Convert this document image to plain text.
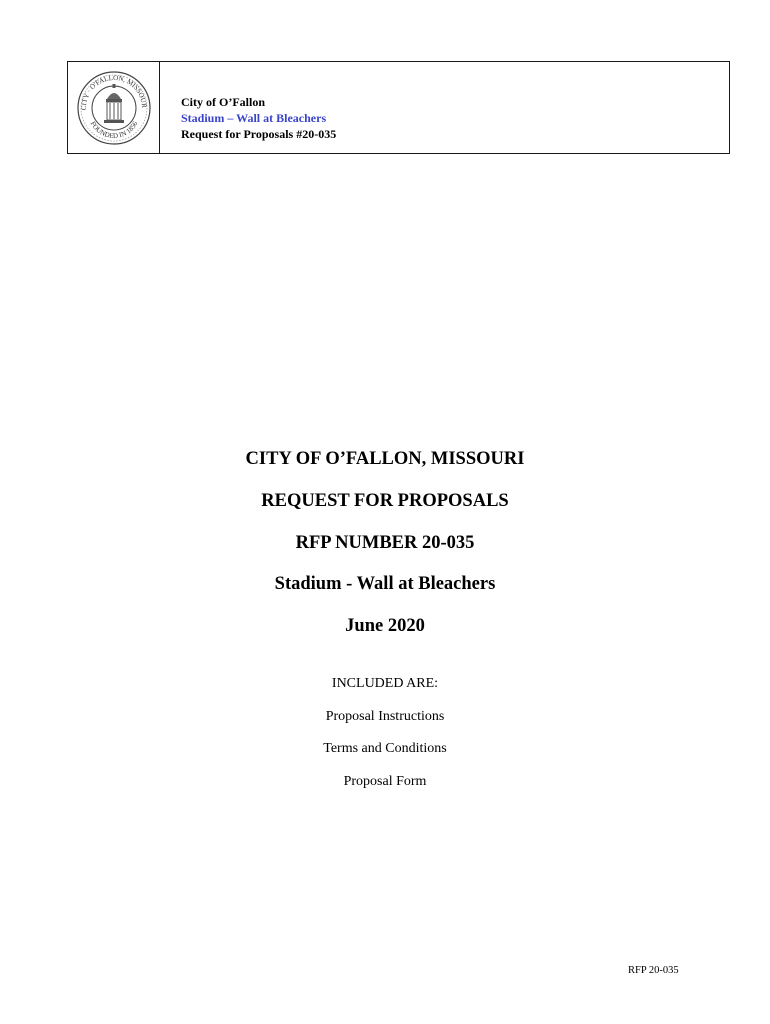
CITY · O'FALLON, MISSOUR
FOUNDED IN 1856
City of O’Fallon
Stadium – Wall at Bleachers
Request for Proposals #20-035
CITY OF O’FALLON, MISSOURI
REQUEST FOR PROPOSALS
RFP NUMBER 20-035
Stadium - Wall at Bleachers
June 2020
INCLUDED ARE:
Proposal Instructions
Terms and Conditions
Proposal Form
RFP 20-035
